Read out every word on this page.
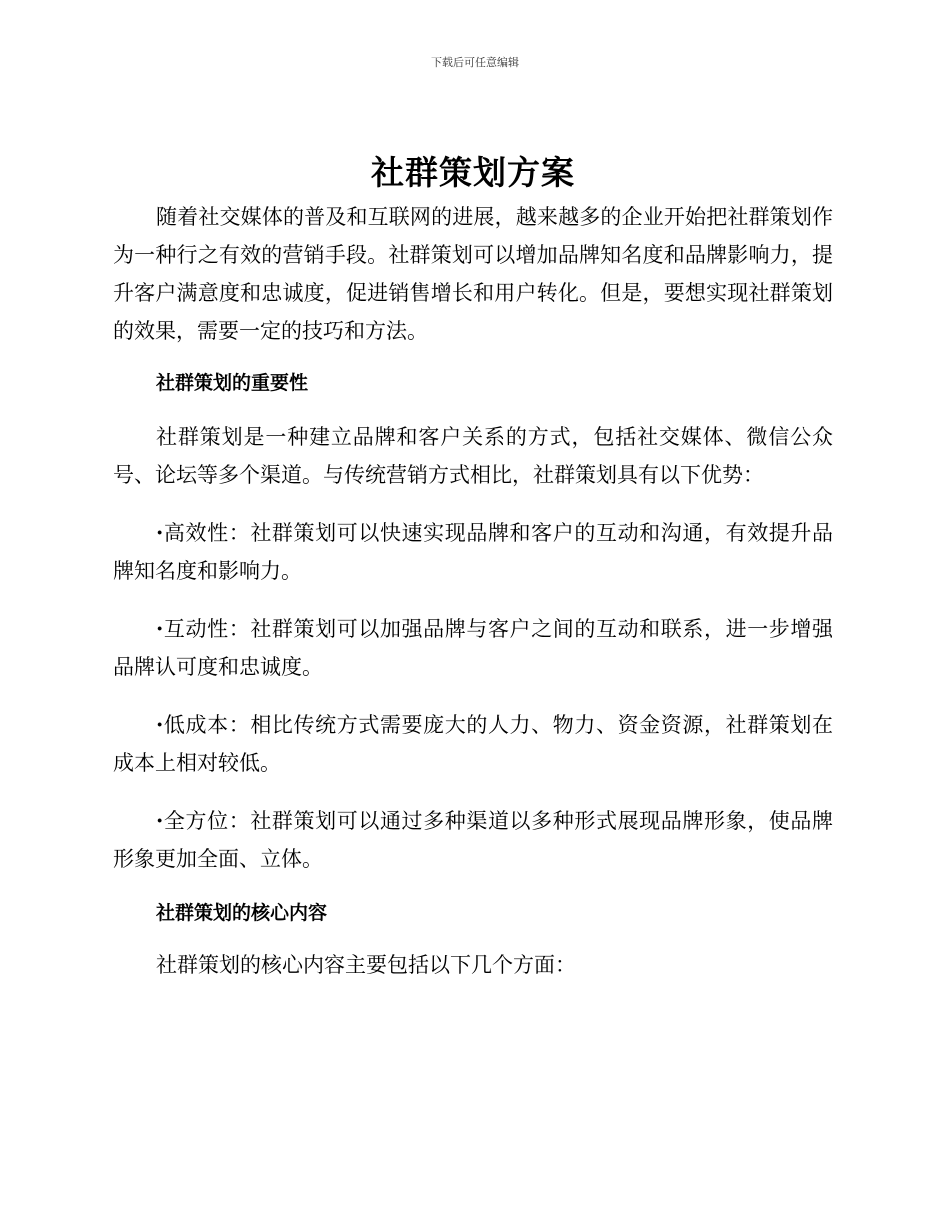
下载后可任意编辑
社群策划方案

随着社交媒体的普及和互联网的进展，越来越多的企业开始把社群策划作为一种行之有效的营销手段。社群策划可以增加品牌知名度和品牌影响力，提升客户满意度和忠诚度，促进销售增长和用户转化。但是，要想实现社群策划的效果，需要一定的技巧和方法。

社群策划的重要性

社群策划是一种建立品牌和客户关系的方式，包括社交媒体、微信公众号、论坛等多个渠道。与传统营销方式相比，社群策划具有以下优势：

·高效性：社群策划可以快速实现品牌和客户的互动和沟通，有效提升品牌知名度和影响力。

·互动性：社群策划可以加强品牌与客户之间的互动和联系，进一步增强品牌认可度和忠诚度。

·低成本：相比传统方式需要庞大的人力、物力、资金资源，社群策划在成本上相对较低。

·全方位：社群策划可以通过多种渠道以多种形式展现品牌形象，使品牌形象更加全面、立体。

社群策划的核心内容

社群策划的核心内容主要包括以下几个方面：
